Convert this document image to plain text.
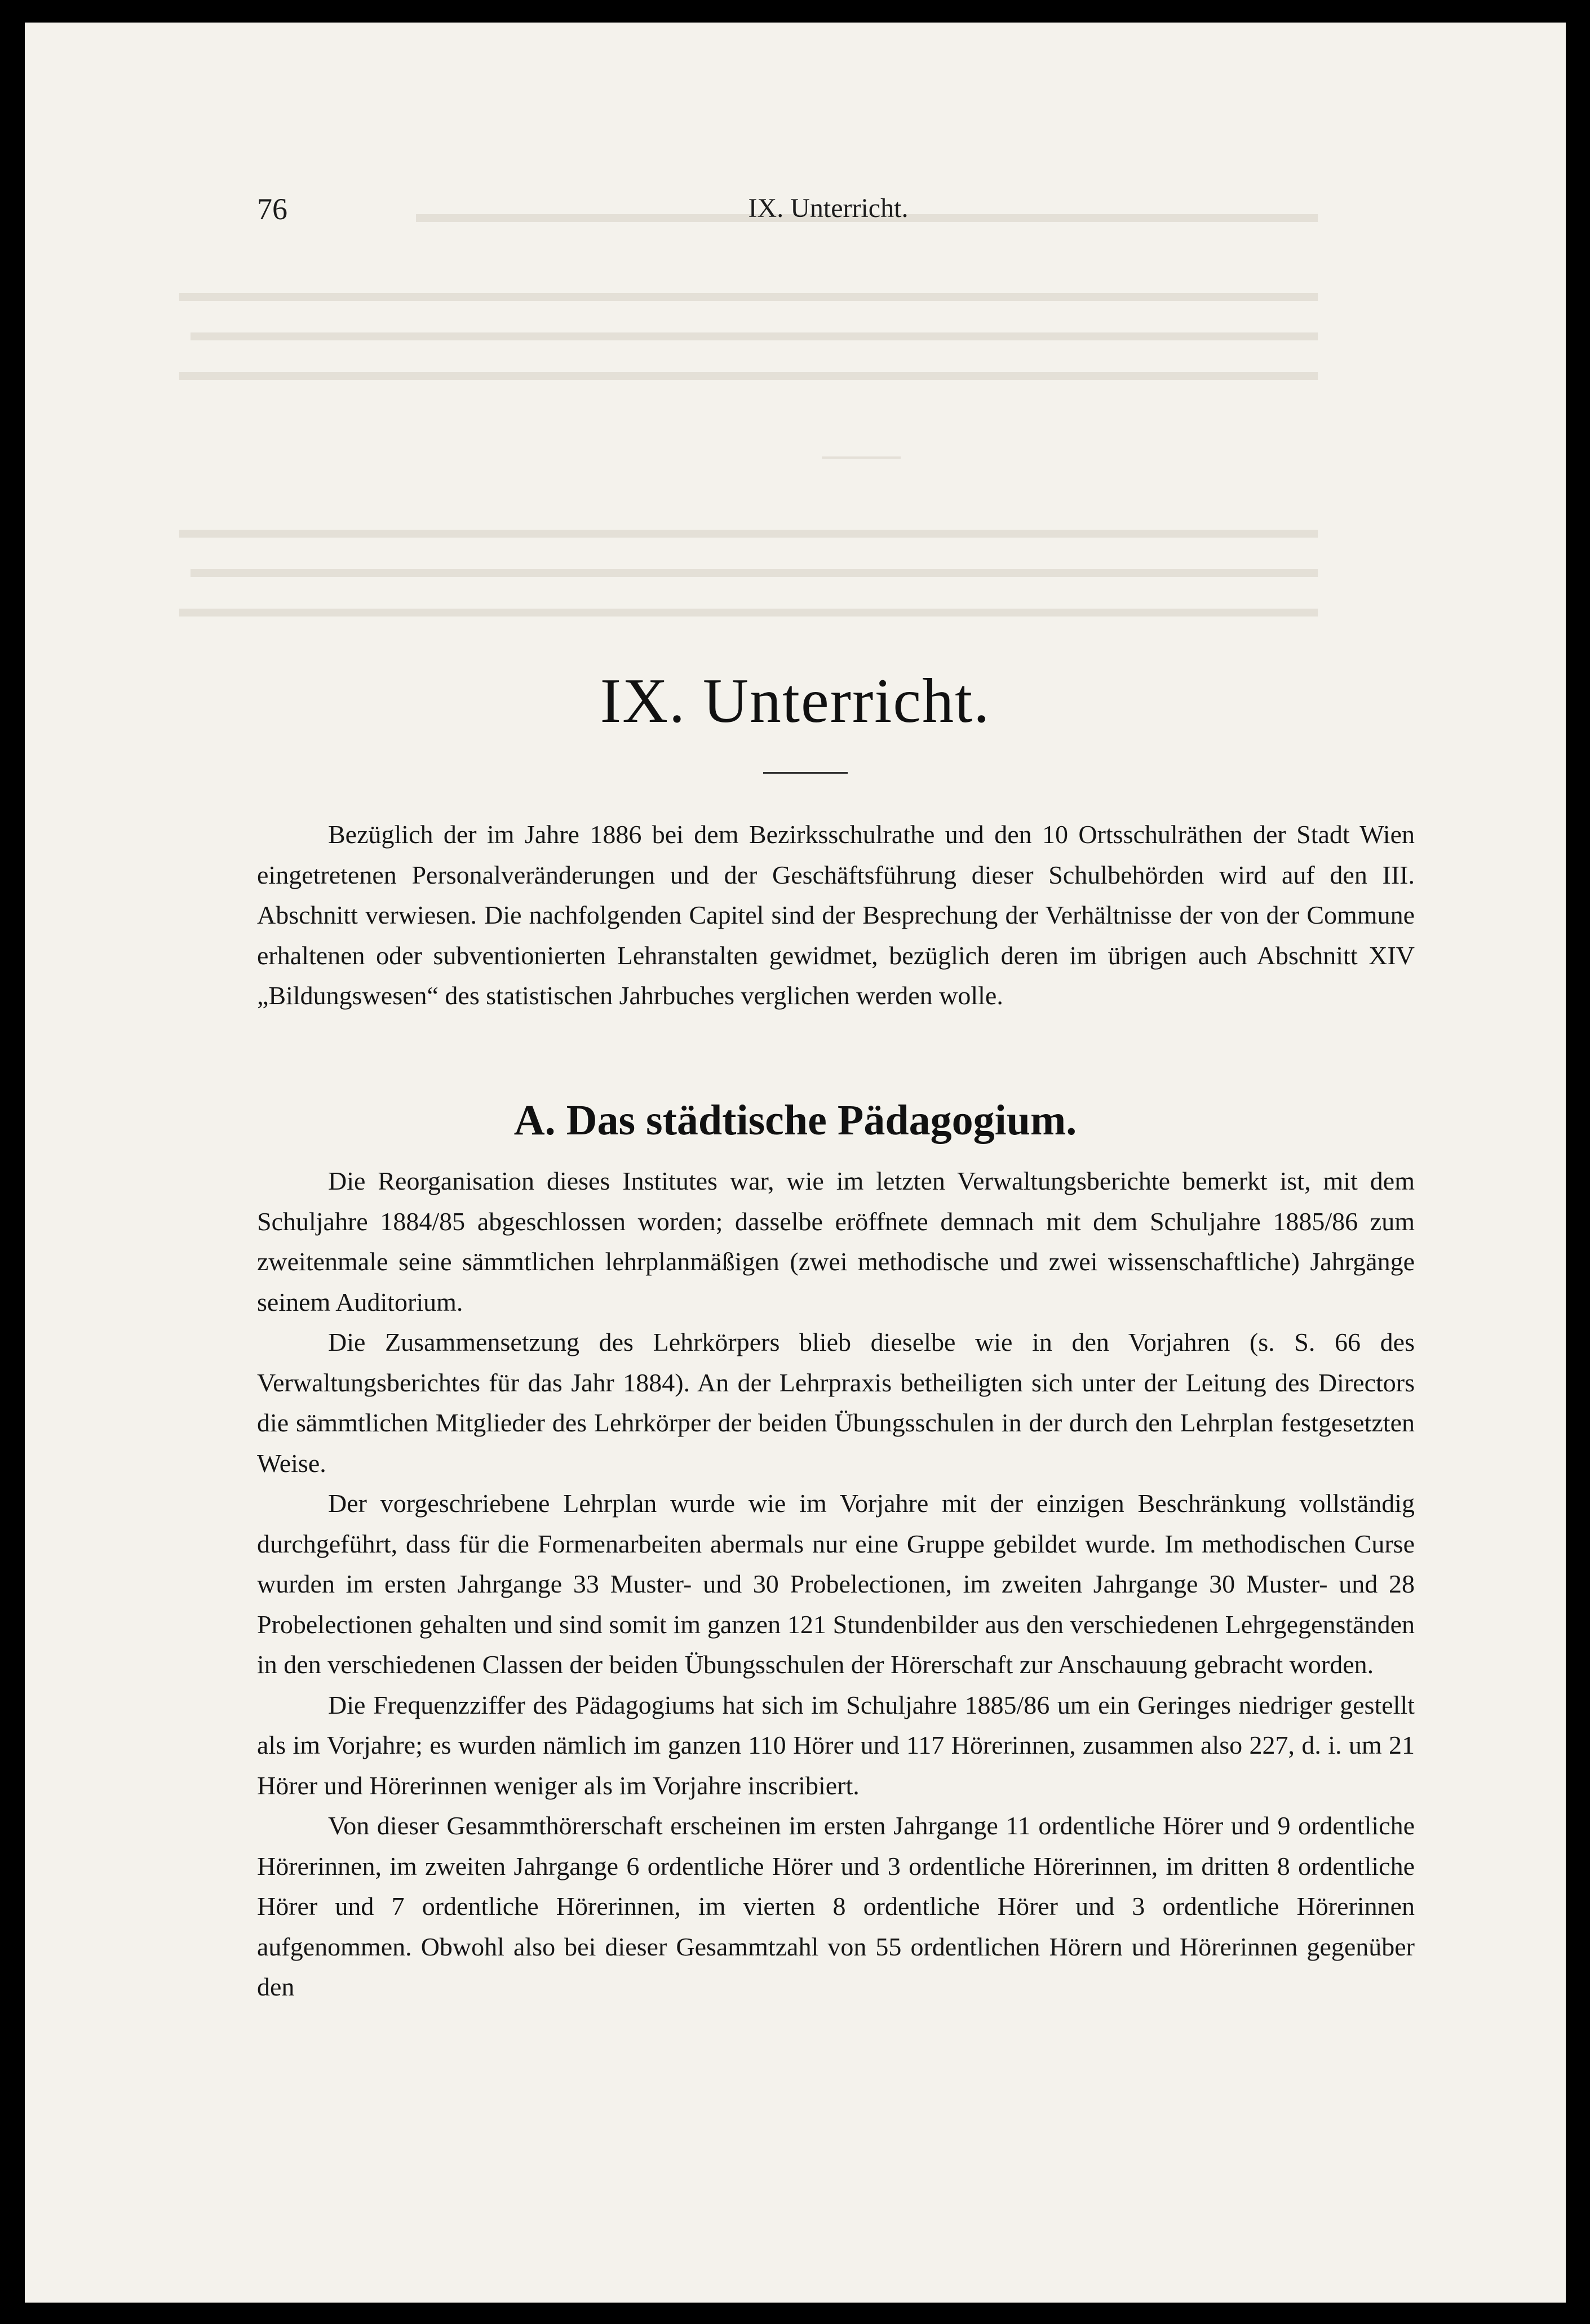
76	IX. Unterricht.
IX. Unterricht.

Bezüglich der im Jahre 1886 bei dem Bezirksschulrathe und den 10 Ortsschulräthen der Stadt Wien eingetretenen Personalveränderungen und der Geschäftsführung dieser Schulbehörden wird auf den III. Abschnitt verwiesen. Die nachfolgenden Capitel sind der Besprechung der Verhältnisse der von der Commune erhaltenen oder subventionierten Lehranstalten gewidmet, bezüglich deren im übrigen auch Abschnitt XIV „Bildungswesen“ des statistischen Jahrbuches verglichen werden wolle.

A. Das städtische Pädagogium.

Die Reorganisation dieses Institutes war, wie im letzten Verwaltungsberichte bemerkt ist, mit dem Schuljahre 1884/85 abgeschlossen worden; dasselbe eröffnete demnach mit dem Schuljahre 1885/86 zum zweitenmale seine sämmtlichen lehrplanmäßigen (zwei methodische und zwei wissenschaftliche) Jahrgänge seinem Auditorium.

Die Zusammensetzung des Lehrkörpers blieb dieselbe wie in den Vorjahren (s. S. 66 des Verwaltungsberichtes für das Jahr 1884). An der Lehrpraxis betheiligten sich unter der Leitung des Directors die sämmtlichen Mitglieder des Lehrkörper der beiden Übungsschulen in der durch den Lehrplan festgesetzten Weise.

Der vorgeschriebene Lehrplan wurde wie im Vorjahre mit der einzigen Beschränkung vollständig durchgeführt, dass für die Formenarbeiten abermals nur eine Gruppe gebildet wurde. Im methodischen Curse wurden im ersten Jahrgange 33 Muster- und 30 Probelectionen, im zweiten Jahrgange 30 Muster- und 28 Probelectionen gehalten und sind somit im ganzen 121 Stundenbilder aus den verschiedenen Lehrgegenständen in den verschiedenen Classen der beiden Übungsschulen der Hörerschaft zur Anschauung gebracht worden.

Die Frequenzziffer des Pädagogiums hat sich im Schuljahre 1885/86 um ein Geringes niedriger gestellt als im Vorjahre; es wurden nämlich im ganzen 110 Hörer und 117 Hörerinnen, zusammen also 227, d. i. um 21 Hörer und Hörerinnen weniger als im Vorjahre inscribiert.

Von dieser Gesammthörerschaft erscheinen im ersten Jahrgange 11 ordentliche Hörer und 9 ordentliche Hörerinnen, im zweiten Jahrgange 6 ordentliche Hörer und 3 ordentliche Hörerinnen, im dritten 8 ordentliche Hörer und 7 ordentliche Hörerinnen, im vierten 8 ordentliche Hörer und 3 ordentliche Hörerinnen aufgenommen. Obwohl also bei dieser Gesammtzahl von 55 ordentlichen Hörern und Hörerinnen gegenüber den
